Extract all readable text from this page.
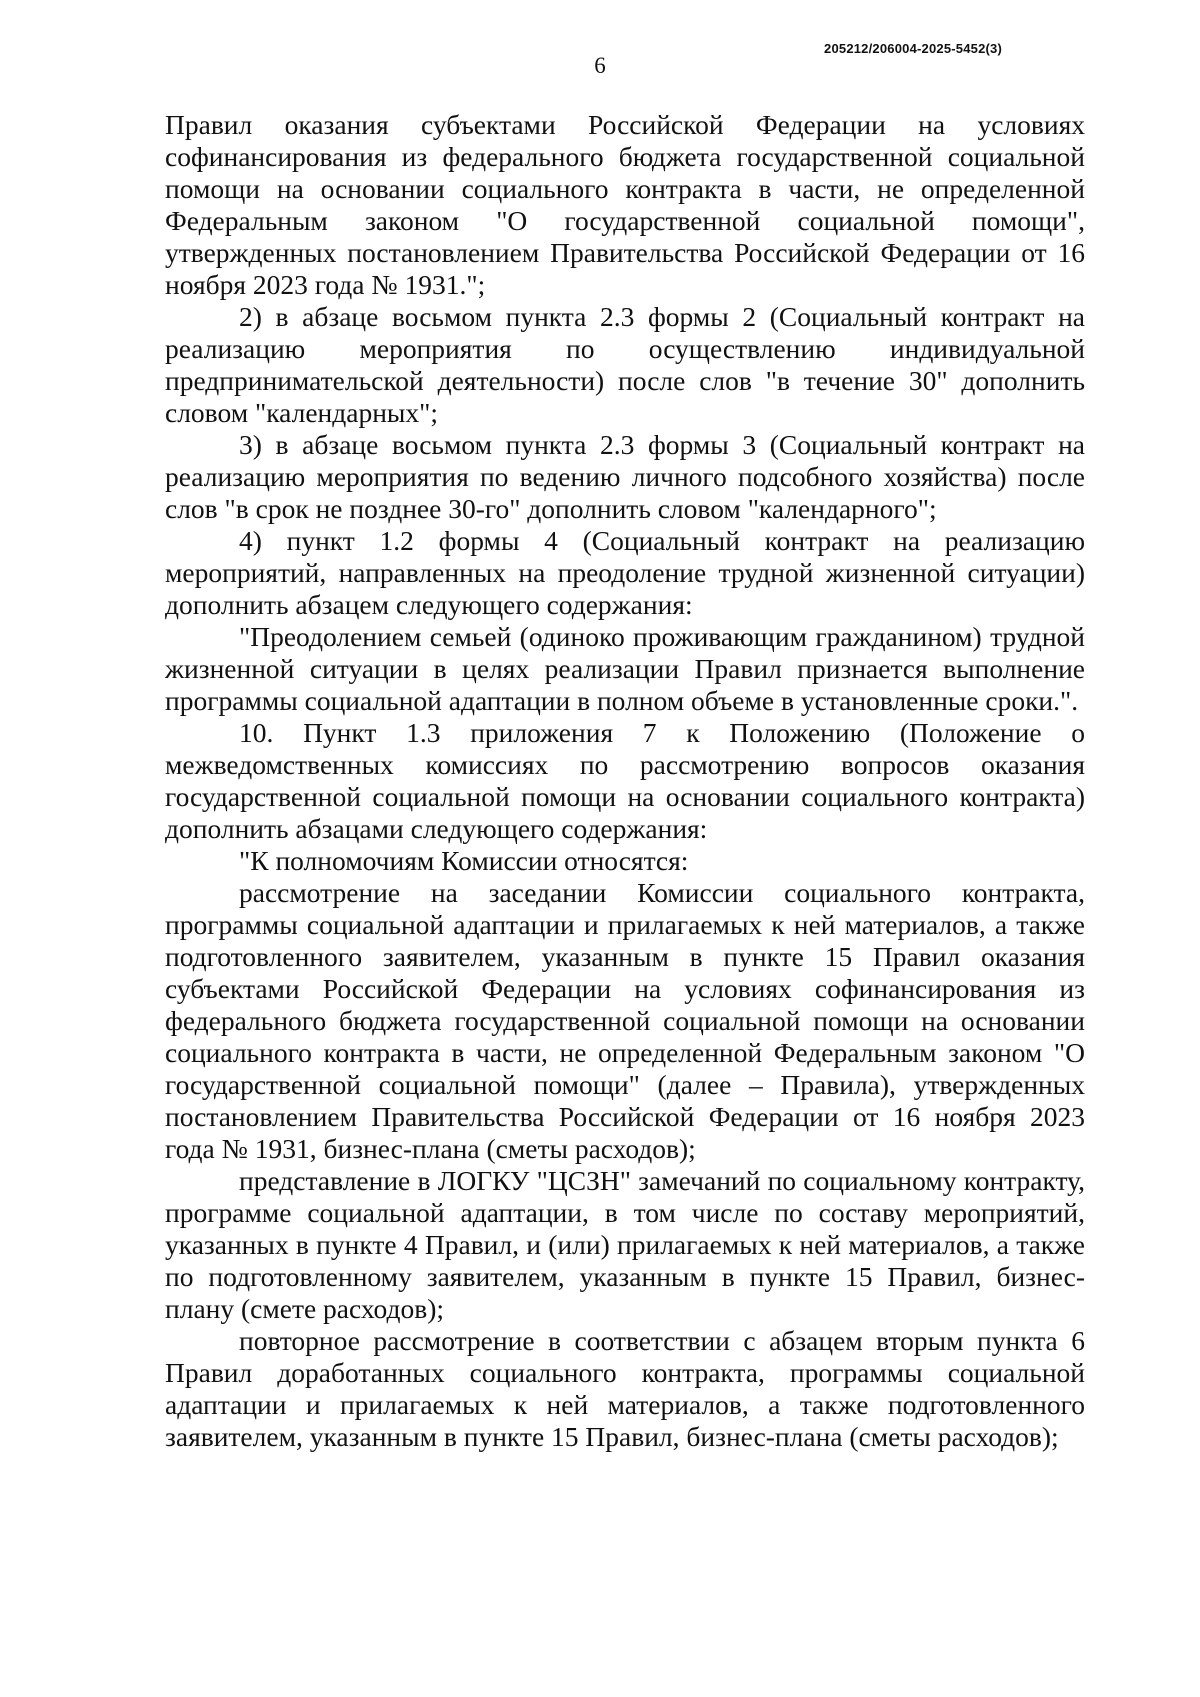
6
205212/206004-2025-5452(3)

Правил оказания субъектами Российской Федерации на условиях софинансирования из федерального бюджета государственной социальной помощи на основании социального контракта в части, не определенной Федеральным законом "О государственной социальной помощи", утвержденных постановлением Правительства Российской Федерации от 16 ноября 2023 года № 1931.";

2) в абзаце восьмом пункта 2.3 формы 2 (Социальный контракт на реализацию мероприятия по осуществлению индивидуальной предпринимательской деятельности) после слов "в течение 30" дополнить словом "календарных";

3) в абзаце восьмом пункта 2.3 формы 3 (Социальный контракт на реализацию мероприятия по ведению личного подсобного хозяйства) после слов "в срок не позднее 30-го" дополнить словом "календарного";

4) пункт 1.2 формы 4 (Социальный контракт на реализацию мероприятий, направленных на преодоление трудной жизненной ситуации) дополнить абзацем следующего содержания:

"Преодолением семьей (одиноко проживающим гражданином) трудной жизненной ситуации в целях реализации Правил признается выполнение программы социальной адаптации в полном объеме в установленные сроки.".

10. Пункт 1.3 приложения 7 к Положению (Положение о межведомственных комиссиях по рассмотрению вопросов оказания государственной социальной помощи на основании социального контракта) дополнить абзацами следующего содержания:

"К полномочиям Комиссии относятся:

рассмотрение на заседании Комиссии социального контракта, программы социальной адаптации и прилагаемых к ней материалов, а также подготовленного заявителем, указанным в пункте 15 Правил оказания субъектами Российской Федерации на условиях софинансирования из федерального бюджета государственной социальной помощи на основании социального контракта в части, не определенной Федеральным законом "О государственной социальной помощи" (далее – Правила), утвержденных постановлением Правительства Российской Федерации от 16 ноября 2023 года № 1931, бизнес-плана (сметы расходов);

представление в ЛОГКУ "ЦСЗН" замечаний по социальному контракту, программе социальной адаптации, в том числе по составу мероприятий, указанных в пункте 4 Правил, и (или) прилагаемых к ней материалов, а также по подготовленному заявителем, указанным в пункте 15 Правил, бизнес-плану (смете расходов);

повторное рассмотрение в соответствии с абзацем вторым пункта 6 Правил доработанных социального контракта, программы социальной адаптации и прилагаемых к ней материалов, а также подготовленного заявителем, указанным в пункте 15 Правил, бизнес-плана (сметы расходов);
